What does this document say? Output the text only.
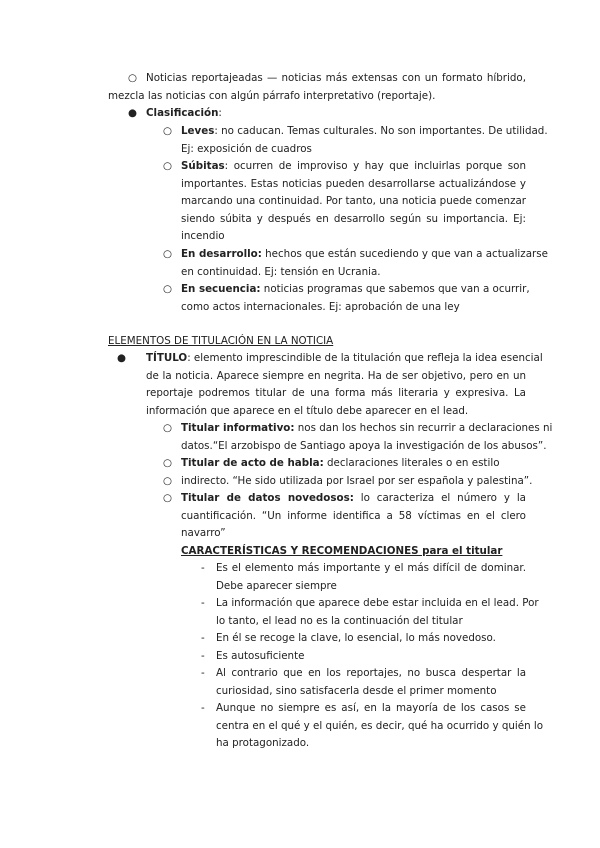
○ Noticias reportajeadas — noticias más extensas con un formato híbrido,
mezcla las noticias con algún párrafo interpretativo (reportaje).
● Clasificación:
○ Leves: no caducan. Temas culturales. No son importantes. De utilidad.
Ej: exposición de cuadros
○ Súbitas: ocurren de improviso y hay que incluirlas porque son
importantes. Estas noticias pueden desarrollarse actualizándose y
marcando una continuidad. Por tanto, una noticia puede comenzar
siendo súbita y después en desarrollo según su importancia. Ej:
incendio
○ En desarrollo: hechos que están sucediendo y que van a actualizarse
en continuidad. Ej: tensión en Ucrania.
○ En secuencia: noticias programas que sabemos que van a ocurrir,
como actos internacionales. Ej: aprobación de una ley
ELEMENTOS DE TITULACIÓN EN LA NOTICIA
● TÍTULO: elemento imprescindible de la titulación que refleja la idea esencial
de la noticia. Aparece siempre en negrita. Ha de ser objetivo, pero en un
reportaje podremos titular de una forma más literaria y expresiva. La
información que aparece en el título debe aparecer en el lead.
○ Titular informativo: nos dan los hechos sin recurrir a declaraciones ni
datos.“El arzobispo de Santiago apoya la investigación de los abusos”.
○ Titular de acto de habla: declaraciones literales o en estilo
○ indirecto. “He sido utilizada por Israel por ser española y palestina”.
○ Titular de datos novedosos: lo caracteriza el número y la
cuantificación. “Un informe identifica a 58 víctimas en el clero
navarro”
CARACTERÍSTICAS Y RECOMENDACIONES para el titular
- Es el elemento más importante y el más difícil de dominar.
Debe aparecer siempre
- La información que aparece debe estar incluida en el lead. Por
lo tanto, el lead no es la continuación del titular
- En él se recoge la clave, lo esencial, lo más novedoso.
- Es autosuficiente
- Al contrario que en los reportajes, no busca despertar la
curiosidad, sino satisfacerla desde el primer momento
- Aunque no siempre es así, en la mayoría de los casos se
centra en el qué y el quién, es decir, qué ha ocurrido y quién lo
ha protagonizado.
